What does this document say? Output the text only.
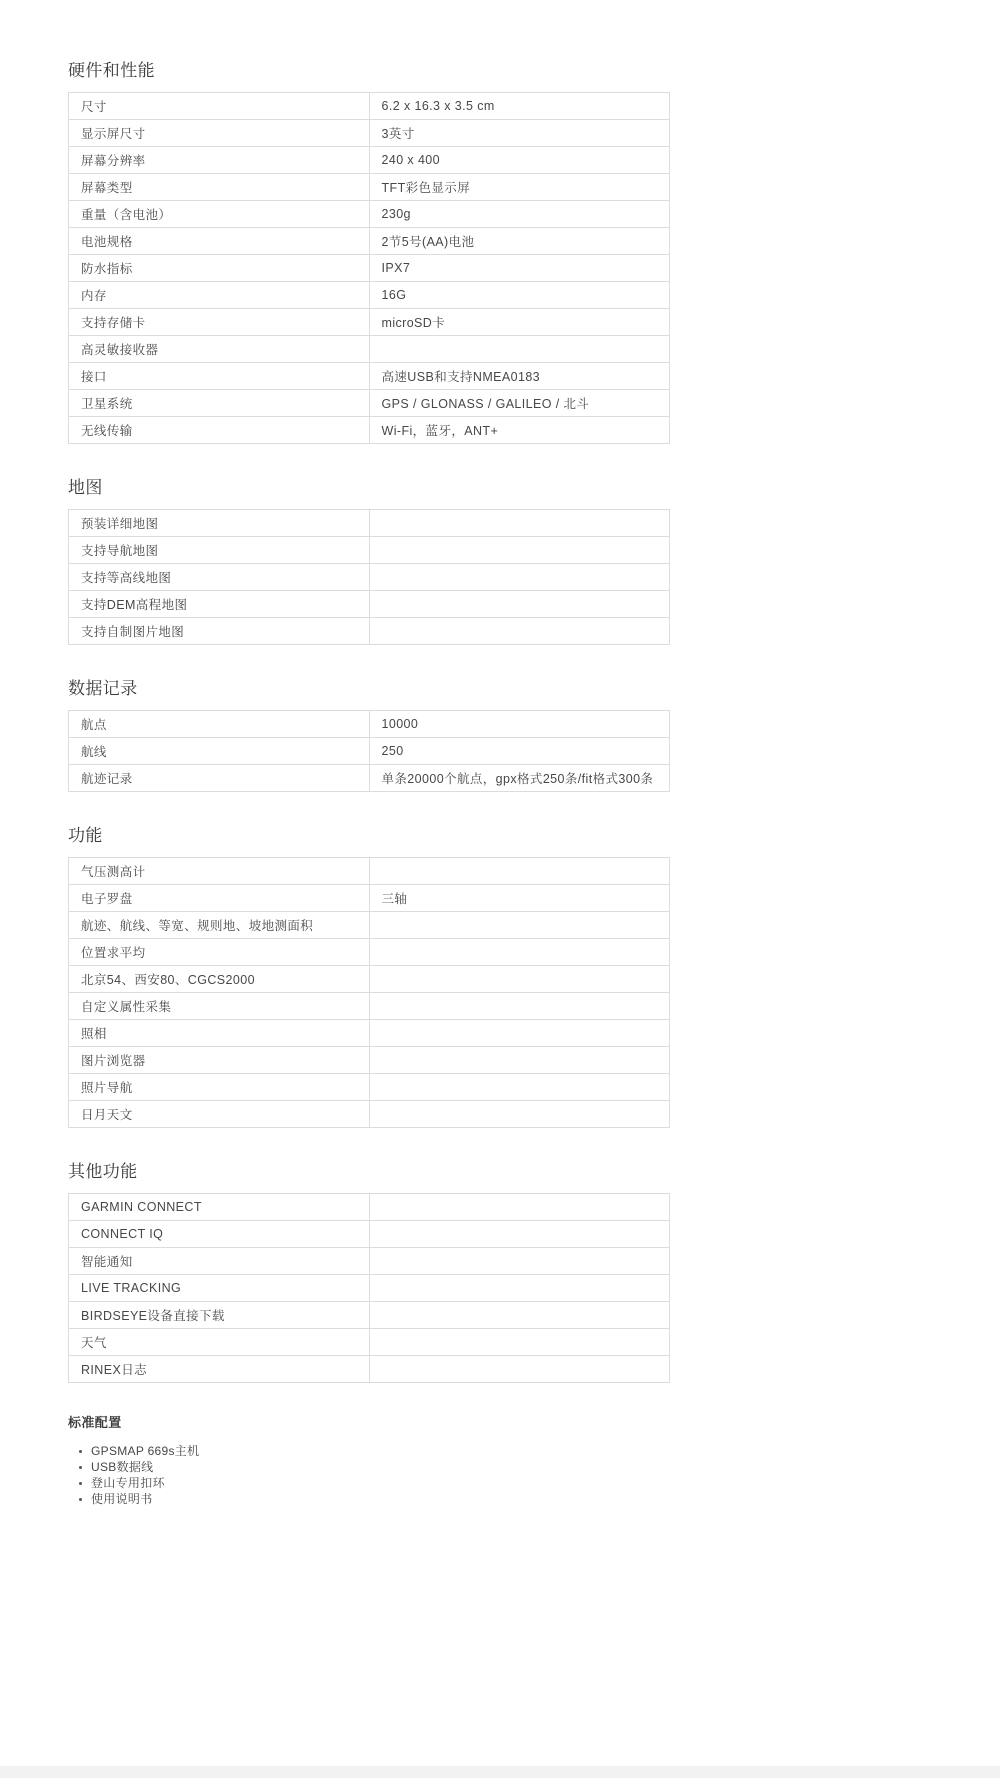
硬件和性能
尺寸	6.2 x 16.3 x 3.5 cm
显示屏尺寸	3英寸
屏幕分辨率	240 x 400
屏幕类型	TFT彩色显示屏
重量（含电池）	230g
电池规格	2节5号(AA)电池
防水指标	IPX7
内存	16G
支持存储卡	microSD卡
高灵敏接收器	
接口	高速USB和支持NMEA0183
卫星系统	GPS / GLONASS / GALILEO / 北斗
无线传输	Wi-Fi，蓝牙，ANT+
地图
预装详细地图	
支持导航地图	
支持等高线地图	
支持DEM高程地图	
支持自制图片地图	
数据记录
航点	10000
航线	250
航迹记录	单条20000个航点，gpx格式250条/fit格式300条
功能
气压测高计	
电子罗盘	三轴
航迹、航线、等宽、规则地、坡地测面积	
位置求平均	
北京54、西安80、CGCS2000	
自定义属性采集	
照相	
图片浏览器	
照片导航	
日月天文	
其他功能
GARMIN CONNECT	
CONNECT IQ	
智能通知	
LIVE TRACKING	
BIRDSEYE设备直接下载	
天气	
RINEX日志	
标准配置
GPSMAP 669s主机
USB数据线
登山专用扣环
使用说明书
